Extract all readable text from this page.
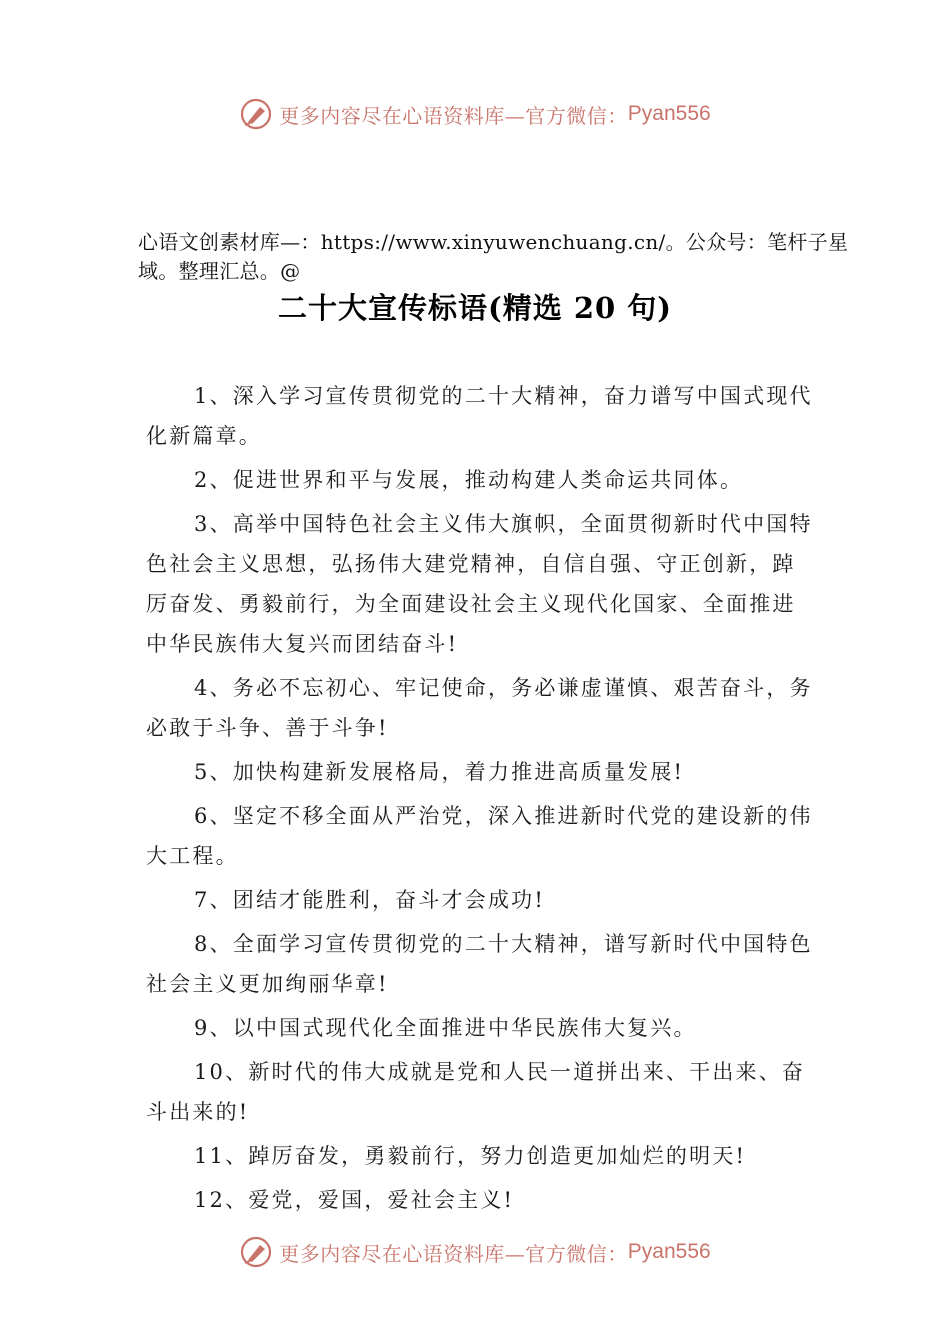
更多内容尽在心语资料库—官方微信： Pyan556
心语文创素材库—：https://www.xinyuwenchuang.cn/。公众号：笔杆子星域。整理汇总。@
二十大宣传标语(精选 20 句)

1、深入学习宣传贯彻党的二十大精神，奋力谱写中国式现代化新篇章。

2、促进世界和平与发展，推动构建人类命运共同体。

3、高举中国特色社会主义伟大旗帜，全面贯彻新时代中国特色社会主义思想，弘扬伟大建党精神，自信自强、守正创新，踔厉奋发、勇毅前行，为全面建设社会主义现代化国家、全面推进中华民族伟大复兴而团结奋斗!

4、务必不忘初心、牢记使命，务必谦虚谨慎、艰苦奋斗，务必敢于斗争、善于斗争!

5、加快构建新发展格局，着力推进高质量发展!

6、坚定不移全面从严治党，深入推进新时代党的建设新的伟大工程。

7、团结才能胜利，奋斗才会成功!

8、全面学习宣传贯彻党的二十大精神，谱写新时代中国特色社会主义更加绚丽华章!

9、以中国式现代化全面推进中华民族伟大复兴。

10、新时代的伟大成就是党和人民一道拼出来、干出来、奋斗出来的!

11、踔厉奋发，勇毅前行，努力创造更加灿烂的明天!

12、爱党，爱国，爱社会主义!

更多内容尽在心语资料库—官方微信： Pyan556
